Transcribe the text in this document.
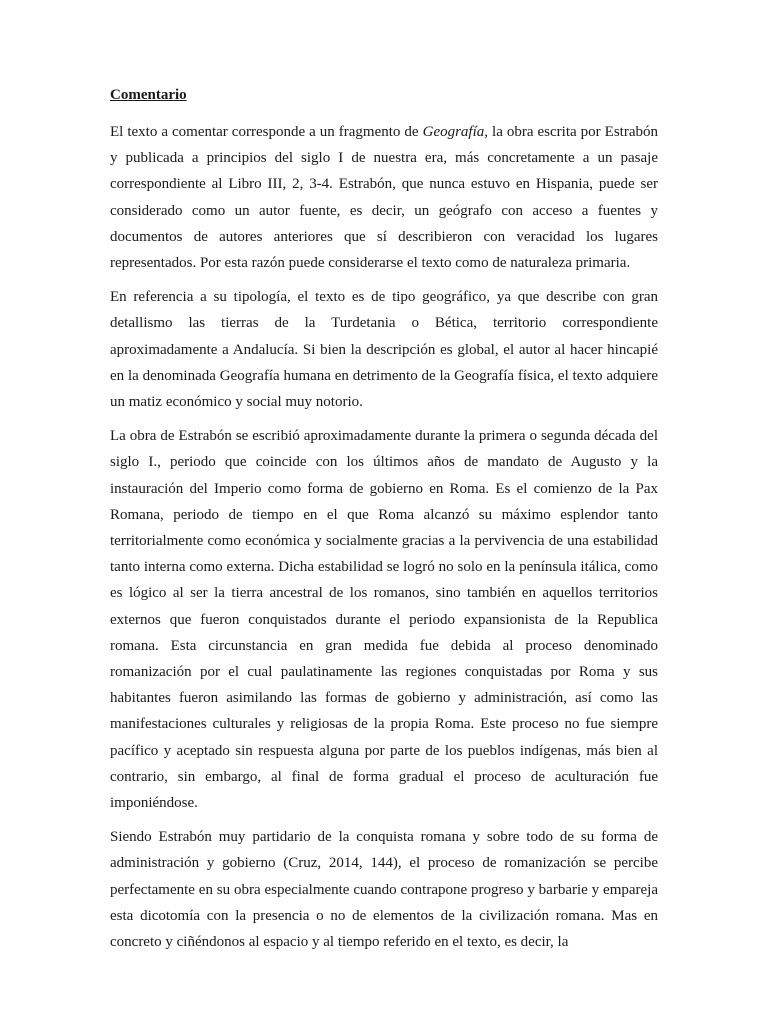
Comentario

El texto a comentar corresponde a un fragmento de Geografía, la obra escrita por Estrabón y publicada a principios del siglo I de nuestra era, más concretamente a un pasaje correspondiente al Libro III, 2, 3-4. Estrabón, que nunca estuvo en Hispania, puede ser considerado como un autor fuente, es decir, un geógrafo con acceso a fuentes y documentos de autores anteriores que sí describieron con veracidad los lugares representados. Por esta razón puede considerarse el texto como de naturaleza primaria.

En referencia a su tipología, el texto es de tipo geográfico, ya que describe con gran detallismo las tierras de la Turdetania o Bética, territorio correspondiente aproximadamente a Andalucía. Si bien la descripción es global, el autor al hacer hincapié en la denominada Geografía humana en detrimento de la Geografía física, el texto adquiere un matiz económico y social muy notorio.

La obra de Estrabón se escribió aproximadamente durante la primera o segunda década del siglo I., periodo que coincide con los últimos años de mandato de Augusto y la instauración del Imperio como forma de gobierno en Roma. Es el comienzo de la Pax Romana, periodo de tiempo en el que Roma alcanzó su máximo esplendor tanto territorialmente como económica y socialmente gracias a la pervivencia de una estabilidad tanto interna como externa. Dicha estabilidad se logró no solo en la península itálica, como es lógico al ser la tierra ancestral de los romanos, sino también en aquellos territorios externos que fueron conquistados durante el periodo expansionista de la Republica romana. Esta circunstancia en gran medida fue debida al proceso denominado romanización por el cual paulatinamente las regiones conquistadas por Roma y sus habitantes fueron asimilando las formas de gobierno y administración, así como las manifestaciones culturales y religiosas de la propia Roma. Este proceso no fue siempre pacífico y aceptado sin respuesta alguna por parte de los pueblos indígenas, más bien al contrario, sin embargo, al final de forma gradual el proceso de aculturación fue imponiéndose.

Siendo Estrabón muy partidario de la conquista romana y sobre todo de su forma de administración y gobierno (Cruz, 2014, 144), el proceso de romanización se percibe perfectamente en su obra especialmente cuando contrapone progreso y barbarie y empareja esta dicotomía con la presencia o no de elementos de la civilización romana. Mas en concreto y ciñéndonos al espacio y al tiempo referido en el texto, es decir, la
